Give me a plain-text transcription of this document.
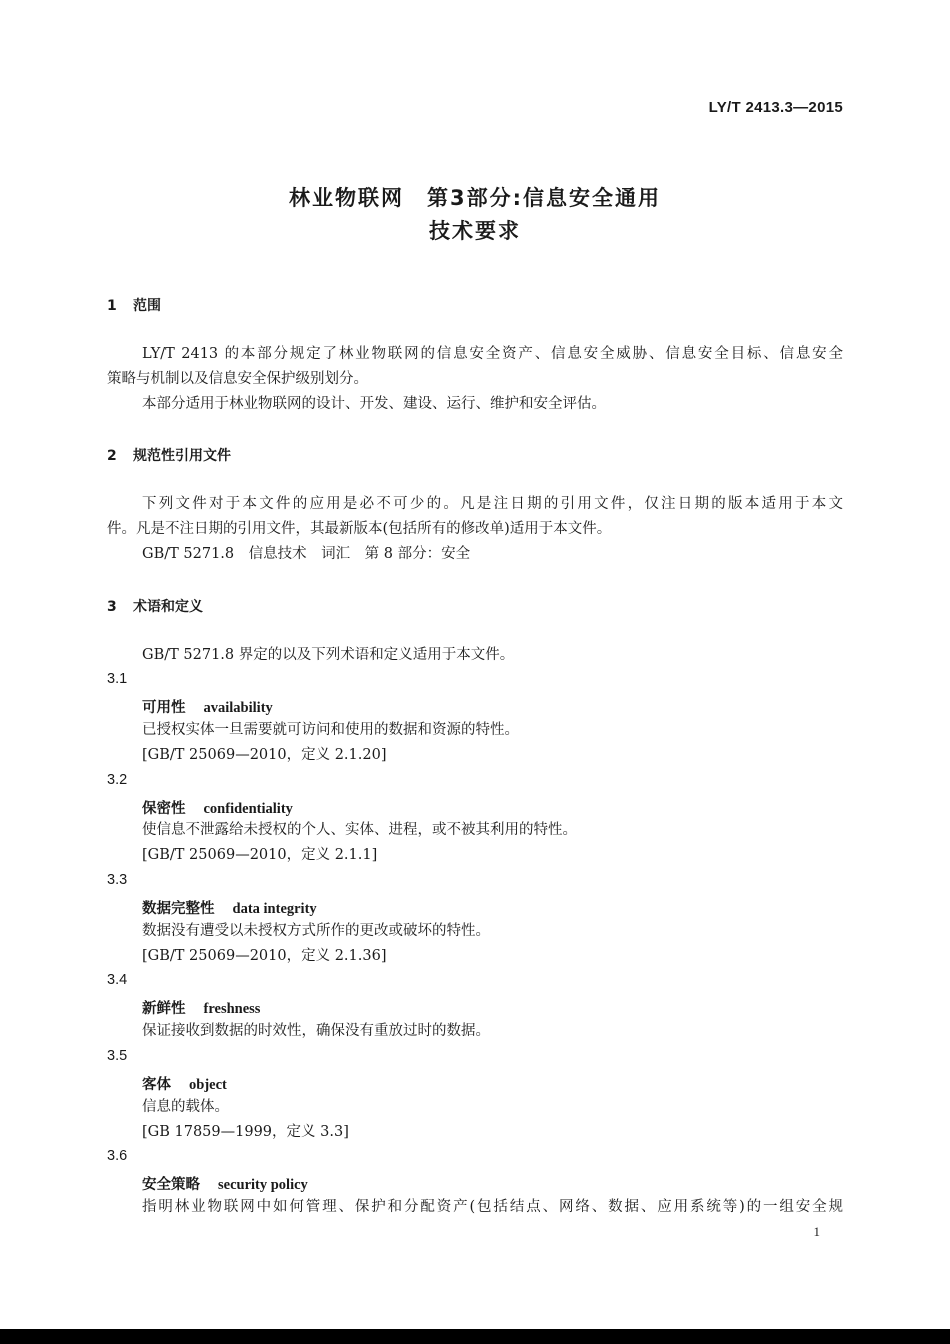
LY/T 2413.3—2015
林业物联网　第3部分:信息安全通用
技术要求
1 范围
LY/T 2413 的本部分规定了林业物联网的信息安全资产、信息安全威胁、信息安全目标、信息安全
策略与机制以及信息安全保护级别划分。
本部分适用于林业物联网的设计、开发、建设、运行、维护和安全评估。
2 规范性引用文件
下列文件对于本文件的应用是必不可少的。凡是注日期的引用文件，仅注日期的版本适用于本文
件。凡是不注日期的引用文件，其最新版本(包括所有的修改单)适用于本文件。
GB/T 5271.8　信息技术　词汇　第 8 部分：安全
3 术语和定义
GB/T 5271.8 界定的以及下列术语和定义适用于本文件。
3.1
可用性 availability
已授权实体一旦需要就可访问和使用的数据和资源的特性。
[GB/T 25069—2010，定义 2.1.20]
3.2
保密性 confidentiality
使信息不泄露给未授权的个人、实体、进程，或不被其利用的特性。
[GB/T 25069—2010，定义 2.1.1]
3.3
数据完整性 data integrity
数据没有遭受以未授权方式所作的更改或破坏的特性。
[GB/T 25069—2010，定义 2.1.36]
3.4
新鲜性 freshness
保证接收到数据的时效性，确保没有重放过时的数据。
3.5
客体 object
信息的载体。
[GB 17859—1999，定义 3.3]
3.6
安全策略 security policy
指明林业物联网中如何管理、保护和分配资产(包括结点、网络、数据、应用系统等)的一组安全规
1
